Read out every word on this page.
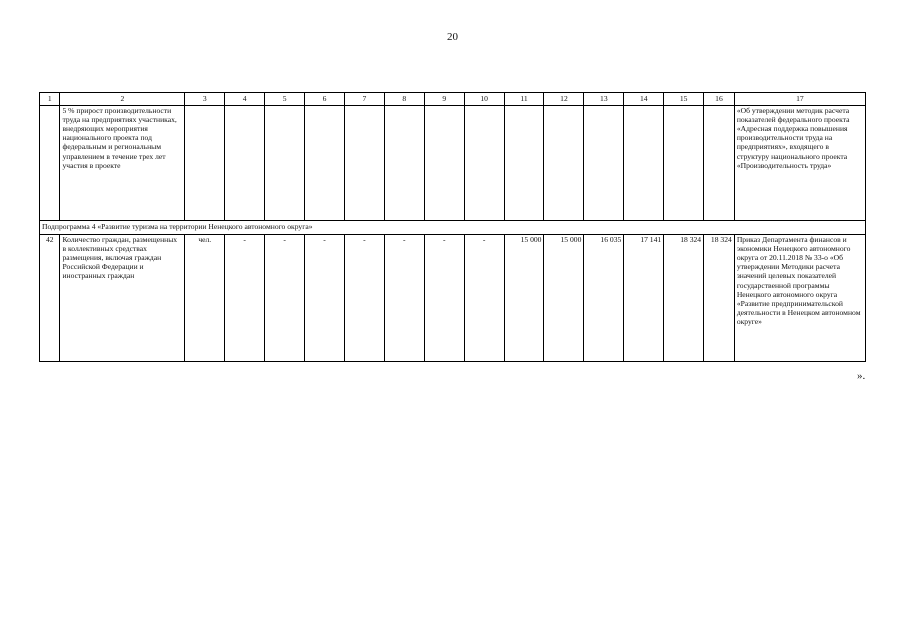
20
1	2	3	4	5	6	7	8	9	10	11	12	13	14	15	16	17
	5 % прирост производительности труда на предприятиях участниках, внедряющих мероприятия национального проекта под федеральным и региональным управлением в течение трех лет участия в проекте															«Об утверждении методик расчета показателей федерального проекта «Адресная поддержка повышения производительности труда на предприятиях», входящего в структуру национального проекта «Производительность труда»
Подпрограмма 4 «Развитие туризма на территории Ненецкого автономного округа»																
42	Количество граждан, размещенных в коллективных средствах размещения, включая граждан Российской Федерации и иностранных граждан	чел.	-	-	-	-	-	-	-	15 000	15 000	16 035	17 141	18 324	18 324	Приказ Департамента финансов и экономики Ненецкого автономного округа от 20.11.2018 № 33-о «Об утверждении Методики расчета значений целевых показателей государственной программы Ненецкого автономного округа «Развитие предпринимательской деятельности в Ненецком автономном округе»
».
